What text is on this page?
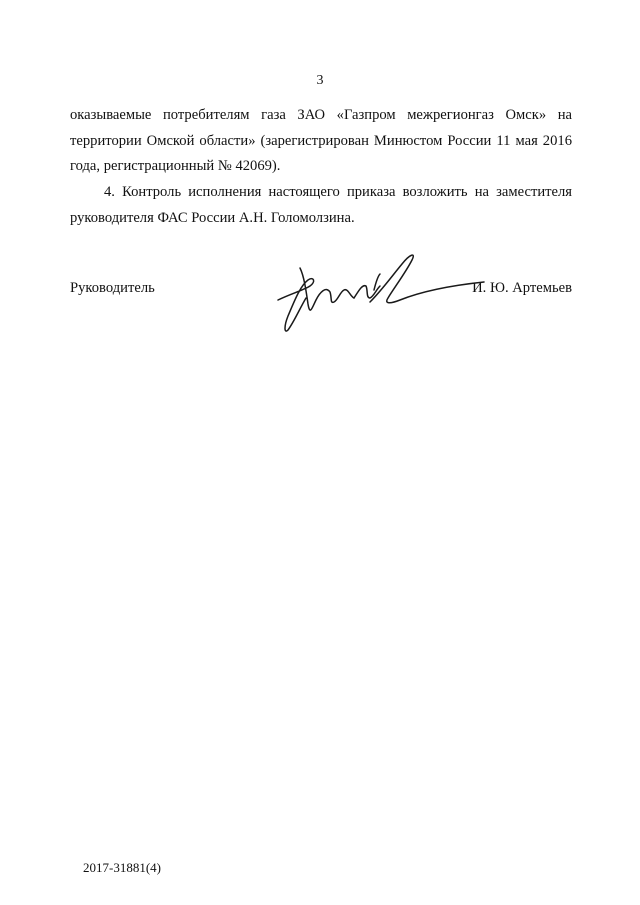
3
оказываемые потребителям газа ЗАО «Газпром межрегионгаз Омск» на
территории Омской области» (зарегистрирован Минюстом России 11 мая 2016
года, регистрационный № 42069).
4. Контроль исполнения настоящего приказа возложить на заместителя
руководителя ФАС России А.Н. Голомолзина.
Руководитель	И. Ю. Артемьев
2017-31881(4)
